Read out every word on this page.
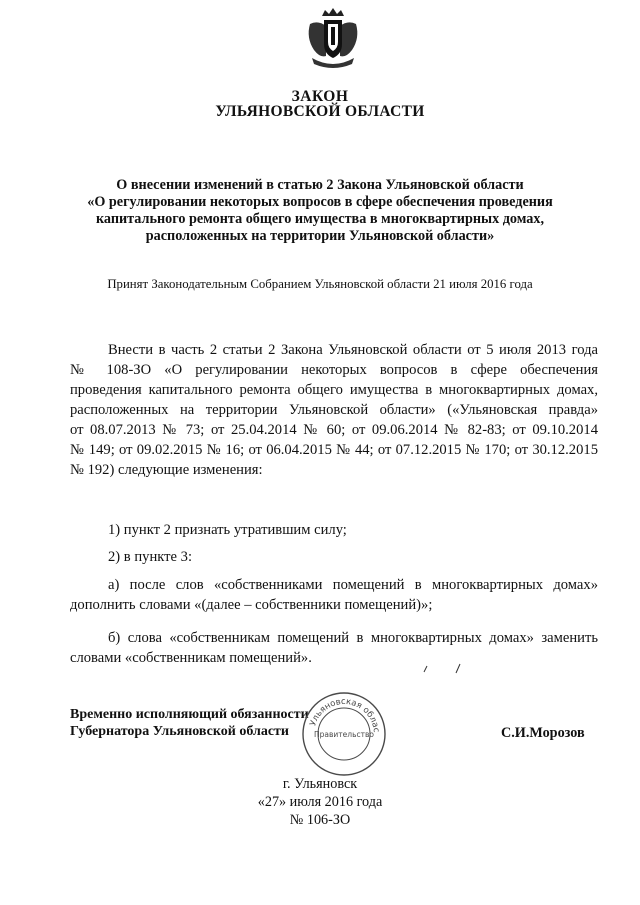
ЗАКОН
УЛЬЯНОВСКОЙ ОБЛАСТИ
О внесении изменений в статью 2 Закона Ульяновской области
«О регулировании некоторых вопросов в сфере обеспечения проведения
капитального ремонта общего имущества в многоквартирных домах,
расположенных на территории Ульяновской области»
Принят Законодательным Собранием Ульяновской области 21 июля 2016 года

Внести в часть 2 статьи 2 Закона Ульяновской области от 5 июля 2013 года

№ 108-ЗО «О регулировании некоторых вопросов в сфере обеспечения

проведения капитального ремонта общего имущества в многоквартирных домах,

расположенных на территории Ульяновской области» («Ульяновская правда»

от 08.07.2013 № 73; от 25.04.2014 № 60; от 09.06.2014 № 82-83; от 09.10.2014

№ 149; от 09.02.2015 № 16; от 06.04.2015 № 44; от 07.12.2015 № 170; от 30.12.2015

№ 192) следующие изменения:

1) пункт 2 признать утратившим силу;
2) в пункте 3:
а) после слов «собственниками помещений в многоквартирных домах» дополнить словами «(далее – собственники помещений)»;
б) слова «собственникам помещений в многоквартирных домах» заменить словами «собственникам помещений».
Временно исполняющий обязанности
Губернатора Ульяновской области	С.И.Морозов
Ульяновская облас
Правительство
г. Ульяновск
«27» июля 2016 года
№ 106-ЗО
